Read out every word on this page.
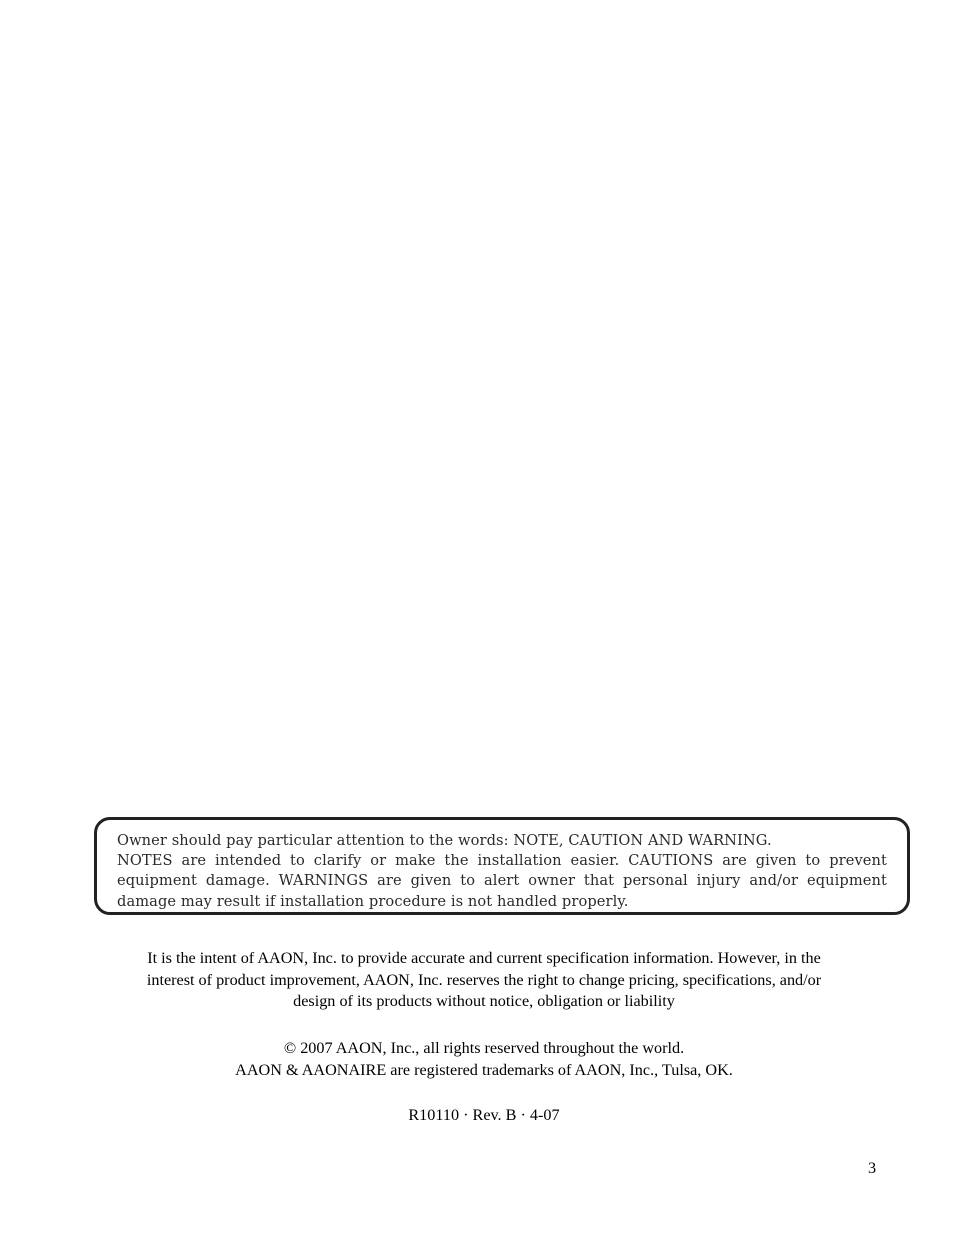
Owner should pay particular attention to the words: NOTE, CAUTION AND WARNING.
NOTES are intended to clarify or make the installation easier. CAUTIONS are given to prevent
equipment damage. WARNINGS are given to alert owner that personal injury and/or equipment
damage may result if installation procedure is not handled properly.
It is the intent of AAON, Inc. to provide accurate and current specification information. However, in the
interest of product improvement, AAON, Inc. reserves the right to change pricing, specifications, and/or
design of its products without notice, obligation or liability
© 2007 AAON, Inc., all rights reserved throughout the world.
AAON & AAONAIRE are registered trademarks of AAON, Inc., Tulsa, OK.
R10110 · Rev. B · 4-07
3
